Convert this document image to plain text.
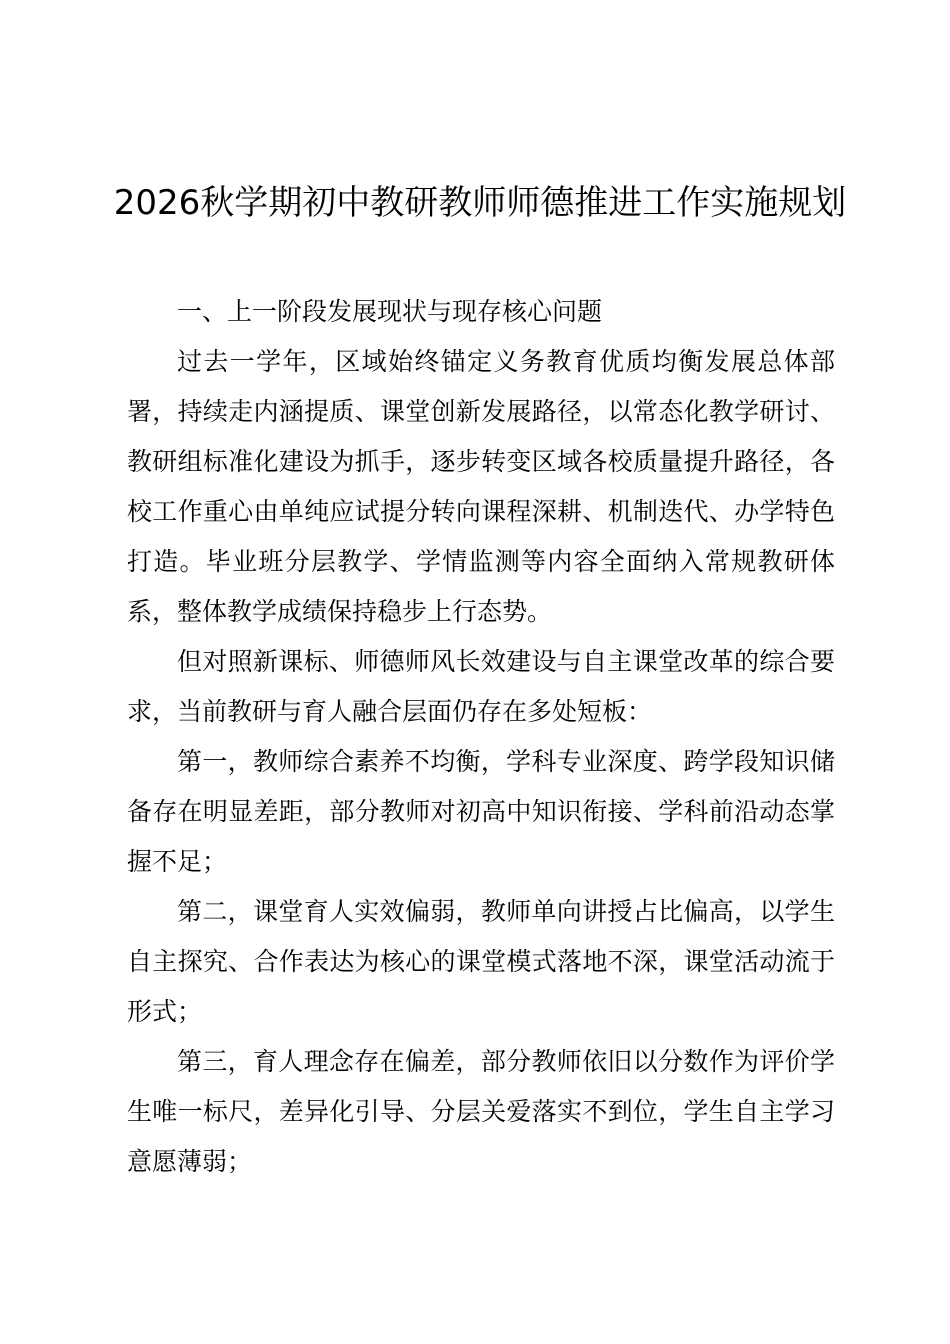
2026秋学期初中教研教师师德推进工作实施规划

一、上一阶段发展现状与现存核心问题

过去一学年，区域始终锚定义务教育优质均衡发展总体部署，持续走内涵提质、课堂创新发展路径，以常态化教学研讨、教研组标准化建设为抓手，逐步转变区域各校质量提升路径，各校工作重心由单纯应试提分转向课程深耕、机制迭代、办学特色打造。毕业班分层教学、学情监测等内容全面纳入常规教研体系，整体教学成绩保持稳步上行态势。

但对照新课标、师德师风长效建设与自主课堂改革的综合要求，当前教研与育人融合层面仍存在多处短板：

第一，教师综合素养不均衡，学科专业深度、跨学段知识储备存在明显差距，部分教师对初高中知识衔接、学科前沿动态掌握不足；

第二，课堂育人实效偏弱，教师单向讲授占比偏高，以学生自主探究、合作表达为核心的课堂模式落地不深，课堂活动流于形式；

第三，育人理念存在偏差，部分教师依旧以分数作为评价学生唯一标尺，差异化引导、分层关爱落实不到位，学生自主学习意愿薄弱；
